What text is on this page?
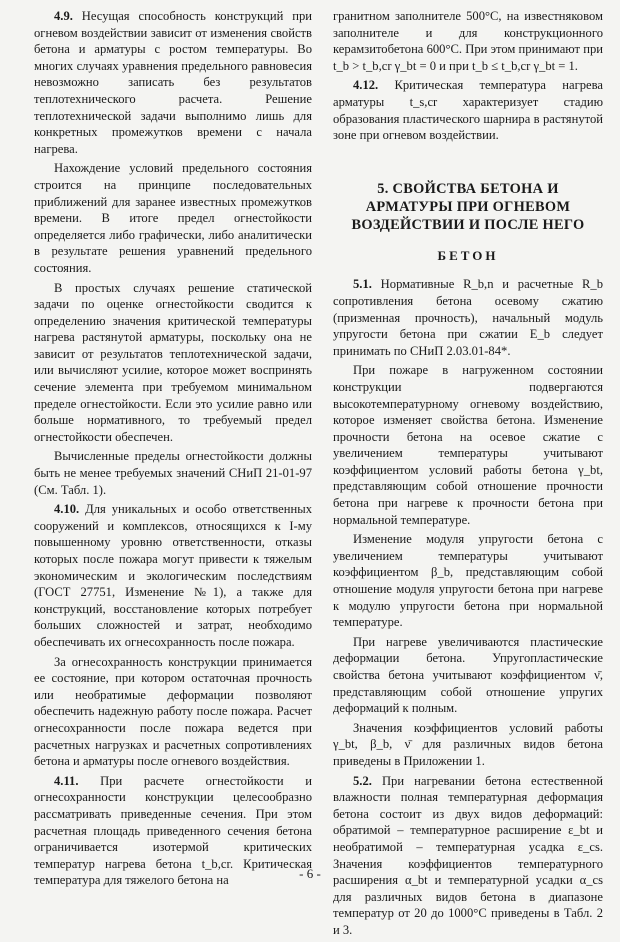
4.9. Несущая способность конструкций при огневом воздействии зависит от изменения свойств бетона и арматуры с ростом температуры. Во многих случаях уравнения предельного равновесия невозможно записать без результатов теплотехнического расчета. Решение теплотехнической задачи выполнимо лишь для конкретных промежутков времени с начала нагрева.

Нахождение условий предельного состояния строится на принципе последовательных приближений для заранее известных промежутков времени. В итоге предел огнестойкости определяется либо графически, либо аналитически в результате решения уравнений предельного состояния.

В простых случаях решение статической задачи по оценке огнестойкости сводится к определению значения критической температуры нагрева растянутой арматуры, поскольку она не зависит от результатов теплотехнической задачи, или вычисляют усилие, которое может воспринять сечение элемента при требуемом минимальном пределе огнестойкости. Если это усилие равно или больше нормативного, то требуемый предел огнестойкости обеспечен.

Вычисленные пределы огнестойкости должны быть не менее требуемых значений СНиП 21-01-97 (См. Табл. 1).

4.10. Для уникальных и особо ответственных сооружений и комплексов, относящихся к I-му повышенному уровню ответственности, отказы которых после пожара могут привести к тяжелым экономическим и экологическим последствиям (ГОСТ 27751, Изменение №1), а также для конструкций, восстановление которых потребует больших сложностей и затрат, необходимо обеспечивать их огнесохранность после пожара.

За огнесохранность конструкции принимается ее состояние, при котором остаточная прочность или необратимые деформации позволяют обеспечить надежную работу после пожара. Расчет огнесохранности после пожара ведется при расчетных нагрузках и расчетных сопротивлениях бетона и арматуры после огневого воздействия.

4.11. При расчете огнестойкости и огнесохранности конструкции целесообразно рассматривать приведенные сечения. При этом расчетная площадь приведенного сечения бетона ограничивается изотермой критических температур нагрева бетона t_b,cr. Критическая температура для тяжелого бетона на

гранитном заполнителе 500°С, на известняковом заполнителе и для конструкционного керамзитобетона 600°С. При этом принимают при t_b > t_b,cr γ_bt = 0 и при t_b ≤ t_b,cr γ_bt = 1.

4.12. Критическая температура нагрева арматуры t_s,cr характеризует стадию образования пластического шарнира в растянутой зоне при огневом воздействии.

5. СВОЙСТВА БЕТОНА И АРМАТУРЫ ПРИ ОГНЕВОМ ВОЗДЕЙСТВИИ И ПОСЛЕ НЕГО
БЕТОН

5.1. Нормативные R_b,n и расчетные R_b сопротивления бетона осевому сжатию (призменная прочность), начальный модуль упругости бетона при сжатии E_b следует принимать по СНиП 2.03.01-84*.

При пожаре в нагруженном состоянии конструкции подвергаются высокотемпературному огневому воздействию, которое изменяет свойства бетона. Изменение прочности бетона на осевое сжатие с увеличением температуры учитывают коэффициентом условий работы бетона γ_bt, представляющим собой отношение прочности бетона при нагреве к прочности бетона при нормальной температуре.

Изменение модуля упругости бетона с увеличением температуры учитывают коэффициентом β_b, представляющим собой отношение модуля упругости бетона при нагреве к модулю упругости бетона при нормальной температуре.

При нагреве увеличиваются пластические деформации бетона. Упругопластические свойства бетона учитывают коэффициентом ν̄, представляющим собой отношение упругих деформаций к полным.

Значения коэффициентов условий работы γ_bt, β_b, ν̄ для различных видов бетона приведены в Приложении 1.

5.2. При нагревании бетона естественной влажности полная температурная деформация бетона состоит из двух видов деформаций: обратимой – температурное расширение ε_bt и необратимой – температурная усадка ε_cs. Значения коэффициентов температурного расширения α_bt и температурной усадки α_cs для различных видов бетона в диапазоне температур от 20 до 1000°С приведены в Табл. 2 и 3.

- 6 -
